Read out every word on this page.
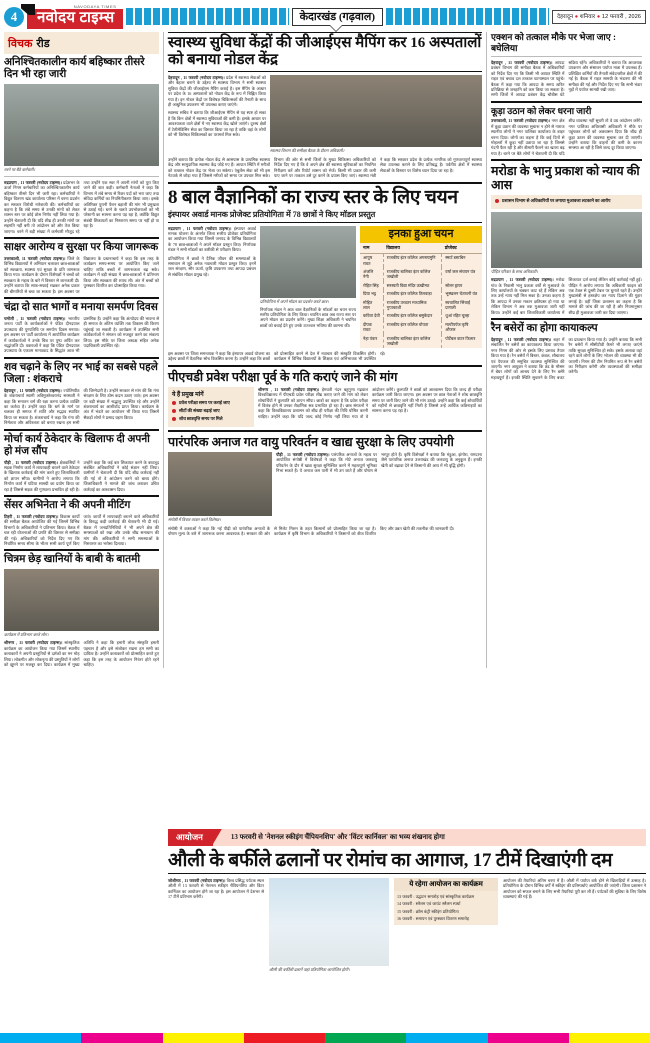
4
NAVODAYA TIMES
नवोदय टाइम्स	केदारखंड (गढ़वाल)	देहरादून ● शनिवार ● 12 फरवरी , 2026
विचक रीड
अनिश्चितकालीन कार्य बहिष्कार तीसरे दिन भी रहा जारी
धरने पर बैठे कर्मचारी।
रुद्रप्रयाग , 11 फरवरी (नवोदय टाइम्स)। प्रदेशभर के ऊर्जा निगम कर्मचारियों का अनिश्चितकालीन कार्य बहिष्कार तीसरे दिन भी जारी रहा। कर्मचारियों ने विद्युत वितरण खंड कार्यालय परिसर में धरना प्रदर्शन कर सरकार विरोधी नारेबाजी की। कर्मचारियों का कहना है कि लंबे समय से उनकी मांगों को लेकर शासन स्तर पर कोई ठोस निर्णय नहीं लिया गया है। उन्होंने चेतावनी दी कि यदि शीघ्र ही उनकी मांगों पर सहमति नहीं बनी तो आंदोलन को और तेज किया जाएगा। धरने में बड़ी संख्या में कर्मचारी मौजूद रहे तथा उन्होंने एक स्वर में अपनी मांगों को पूरा किए जाने की बात कही। कर्मचारी नेताओं ने कहा कि विभाग में लंबे समय से रिक्त पदों को भरा जाए तथा संविदा कर्मियों का नियमितीकरण किया जाए। इसके अतिरिक्त पुरानी पेंशन बहाली की मांग भी प्रमुखता से उठाई गई। धरने के चलते उपभोक्ताओं को भी परेशानी का सामना करना पड़ रहा है, क्योंकि विद्युत संबंधी शिकायतों का निस्तारण समय पर नहीं हो पा रहा है।
साक्षर आरोग्य व सुरक्षा पर किया जागरूक
उत्तरकाशी, 11 फरवरी (नवोदय टाइम्स)। जिले के विभिन्न विद्यालयों में अभियान चलाकर छात्र-छात्राओं को स्वच्छता, स्वास्थ्य एवं सुरक्षा के प्रति जागरूक किया गया। कार्यक्रम के दौरान विशेषज्ञों ने बच्चों को स्वच्छता के महत्व के बारे में विस्तार से जानकारी दी। उन्होंने बताया कि साफ-सफाई रखकर अनेक प्रकार की बीमारियों से बचा जा सकता है। इस अवसर पर विद्यालय के प्रधानाचार्य ने कहा कि इस तरह के कार्यक्रम समय-समय पर आयोजित किए जाने चाहिए ताकि बच्चों में जागरूकता बढ़ सके। कार्यक्रम में बड़ी संख्या में छात्र-छात्राओं ने प्रतिभाग किया और स्वच्छता की शपथ ली। अंत में बच्चों को पुरस्कार वितरित कर प्रोत्साहित किया गया।
चंद्रा दो सात भागों व मनाया समर्पण दिवस
चमोली , 11 फरवरी (नवोदय टाइम्स)। भारतीय जनता पार्टी के कार्यकर्ताओं ने पंडित दीनदयाल उपाध्याय की पुण्यतिथि पर समर्पण दिवस मनाया। इस अवसर पर पार्टी कार्यालय में आयोजित कार्यक्रम में कार्यकर्ताओं ने उनके चित्र पर पुष्प अर्पित कर श्रद्धांजलि दी। वक्ताओं ने कहा कि पंडित दीनदयाल उपाध्याय के एकात्म मानववाद के सिद्धांत आज भी प्रासंगिक हैं। उन्होंने कहा कि अंत्योदय की भावना से ही समाज के अंतिम व्यक्ति तक विकास की किरण पहुंचाई जा सकती है। कार्यक्रम में उपस्थित सभी कार्यकर्ताओं ने संगठन को मजबूत करने का संकल्प लिया। इस मौके पर जिला अध्यक्ष सहित अनेक पदाधिकारी उपस्थित रहे।
शव चढ़ाने के लिए नर भाई का सबसे पहले जिला : शंकराचे
देहरादून , 11 फरवरी (नवोदय टाइम्स)। ज्योतिष्पीठ के शंकराचार्य स्वामी अविमुक्तेश्वरानंद सरस्वती ने कहा कि सनातन धर्म की रक्षा करना प्रत्येक व्यक्ति का कर्तव्य है। उन्होंने कहा कि धर्म के मार्ग पर चलकर ही समाज में शांति और सद्भाव स्थापित किया जा सकता है। शंकराचार्य ने कहा कि गंगा की निर्मलता और अविरलता को बनाए रखना हम सभी की जिम्मेदारी है। उन्होंने सरकार से मांग की कि गंगा संरक्षण के लिए ठोस कदम उठाए जाएं। इस अवसर पर बड़ी संख्या में श्रद्धालु उपस्थित रहे और उन्होंने शंकराचार्य का आशीर्वाद प्राप्त किया। कार्यक्रम के अंत में भंडारे का आयोजन भी किया गया जिसमें सैकड़ों लोगों ने प्रसाद ग्रहण किया।
मोर्चा कार्य ठेकेदार के खिलाफ दी अपनी हो मंज सौंप
पौड़ी , 11 फरवरी (नवोदय टाइम्स)। क्षेत्रवासियों ने सड़क निर्माण कार्य में लापरवाही बरतने वाले ठेकेदार के खिलाफ कार्रवाई की मांग करते हुए जिलाधिकारी को ज्ञापन सौंपा। ग्रामीणों ने आरोप लगाया कि निर्माण कार्य में घटिया सामग्री का प्रयोग किया जा रहा है जिससे सड़क की गुणवत्ता प्रभावित हो रही है। उन्होंने कहा कि कई बार शिकायत करने के बावजूद संबंधित अधिकारियों ने कोई संज्ञान नहीं लिया। ग्रामीणों ने चेतावनी दी कि यदि शीघ्र कार्रवाई नहीं की गई तो वे आंदोलन करने को बाध्य होंगे। जिलाधिकारी ने मामले की जांच कराकर उचित कार्रवाई का आश्वासन दिया।
सेंसर अभिनेता ने की अपनी मीटिंग
टिहरी , 11 फरवरी (नवोदय टाइम्स)। विकास कार्यों की समीक्षा बैठक आयोजित की गई जिसमें विभिन्न विभागों के अधिकारियों ने प्रतिभाग किया। बैठक में चल रही योजनाओं की प्रगति की विस्तार से समीक्षा की गई। अधिकारियों को निर्देश दिए गए कि निर्धारित समय सीमा के भीतर सभी कार्य पूर्ण किए जाएं। कार्यों में लापरवाही बरतने वाले अधिकारियों के विरुद्ध कड़ी कार्रवाई की चेतावनी भी दी गई। बैठक में जनप्रतिनिधियों ने भी अपने क्षेत्र की समस्याओं को रखा और उनके शीघ्र समाधान की मांग की। अधिकारियों ने सभी समस्याओं के निस्तारण का भरोसा दिलाया।
चित्रम छेड़ खानियों के बाबी के बातमी
कार्यक्रम में प्रतिभाग करते लोग।
श्रीनगर , 11 फरवरी (नवोदय टाइम्स)। सांस्कृतिक कार्यक्रम का आयोजन किया गया जिसमें स्थानीय कलाकारों ने अपनी प्रस्तुतियों से दर्शकों का मन मोह लिया। लोकगीत और लोकनृत्य की प्रस्तुतियों ने लोगों को झूमने पर मजबूर कर दिया। कार्यक्रम में मुख्य अतिथि ने कहा कि हमारी लोक संस्कृति हमारी पहचान है और इसे संजोकर रखना हम सभी का दायित्व है। उन्होंने कलाकारों को प्रोत्साहित करते हुए कहा कि इस तरह के आयोजन निरंतर होते रहने चाहिए।
स्वास्थ्य सुविधा केंद्रों की जीआईएस मैपिंग कर 16 अस्पतालों को बनाया नोडल केंद्र
देहरादून , 11 फरवरी (नवोदय टाइम्स)। प्रदेश में स्वास्थ्य सेवाओं को और बेहतर बनाने के उद्देश्य से स्वास्थ्य विभाग ने सभी स्वास्थ्य सुविधा केंद्रों की जीआईएस मैपिंग कराई है। इस मैपिंग के आधार पर प्रदेश के 16 अस्पतालों को नोडल केंद्र के रूप में चिह्नित किया गया है। इन नोडल केंद्रों पर विशेषज्ञ चिकित्सकों की तैनाती के साथ ही आधुनिक उपकरण भी उपलब्ध कराए जाएंगे।
स्वास्थ्य सचिव ने बताया कि जीआईएस मैपिंग से यह स्पष्ट हो सका है कि किन क्षेत्रों में स्वास्थ्य सुविधाओं की कमी है। इसके आधार पर आवश्यकता वाले क्षेत्रों में नए स्वास्थ्य केंद्र खोले जाएंगे। दूरस्थ क्षेत्रों में टेलीमेडिसिन सेवा का विस्तार किया जा रहा है ताकि वहां के लोगों को भी विशेषज्ञ चिकित्सकों का परामर्श मिल सके।
स्वास्थ्य विभाग की समीक्षा बैठक के दौरान अधिकारी।
उन्होंने बताया कि प्रत्येक नोडल केंद्र से आसपास के प्राथमिक स्वास्थ्य केंद्र और सामुदायिक स्वास्थ्य केंद्र जोड़े गए हैं। आपात स्थिति में मरीजों को तत्काल नोडल केंद्र पर भेजा जा सकेगा। एंबुलेंस सेवा को भी इस नेटवर्क से जोड़ा गया है जिससे मरीजों को समय पर उपचार मिल सके। विभाग की ओर से सभी जिलों के मुख्य चिकित्सा अधिकारियों को निर्देश दिए गए हैं कि वे अपने क्षेत्र की स्वास्थ्य सुविधाओं का नियमित निरीक्षण करें और रिपोर्ट शासन को भेजें। किसी भी प्रकार की कमी पाए जाने पर तत्काल उसे दूर करने के प्रयास किए जाएं। स्वास्थ्य मंत्री ने कहा कि सरकार प्रदेश के प्रत्येक नागरिक को गुणवत्तापूर्ण स्वास्थ्य सेवा उपलब्ध कराने के लिए प्रतिबद्ध है। पर्वतीय क्षेत्रों में स्वास्थ्य सेवाओं के विस्तार पर विशेष ध्यान दिया जा रहा है।
8 बाल वैज्ञानिकों का राज्य स्तर के लिए चयन
इंस्पायर अवार्ड मानक प्रोजेक्ट प्रतियोगिता में 78 छात्रों ने किए मॉडल प्रस्तुत
रुद्रप्रयाग , 11 फरवरी (नवोदय टाइम्स)। इंस्पायर अवार्ड मानक योजना के अंतर्गत जिला स्तरीय प्रोजेक्ट प्रतियोगिता का आयोजन किया गया जिसमें जनपद के विभिन्न विद्यालयों के 78 छात्र-छात्राओं ने अपने मॉडल प्रस्तुत किए। निर्णायक मंडल ने सभी मॉडलों का बारीकी से परीक्षण किया।
प्रतियोगिता में छात्रों ने दैनिक जीवन की समस्याओं के समाधान से जुड़े अनेक नवाचारी मॉडल प्रस्तुत किए। इनमें जल संरक्षण, सौर ऊर्जा, कृषि उपकरण तथा आपदा प्रबंधन से संबंधित मॉडल प्रमुख रहे।
प्रतियोगिता में अपने मॉडल का प्रदर्शन करते छात्र।
निर्णायक मंडल ने आठ बाल वैज्ञानिकों के मॉडलों का चयन राज्य स्तरीय प्रतियोगिता के लिए किया। चयनित छात्र अब राज्य स्तर पर अपने मॉडल का प्रदर्शन करेंगे। मुख्य शिक्षा अधिकारी ने चयनित छात्रों को बधाई देते हुए उनके उज्ज्वल भविष्य की कामना की।
इनका हुआ चयन
नाम	विद्यालय	प्रोजेक्ट
आयुष रावत	राजकीय इंटर कॉलेज अगस्त्यमुनि	स्मार्ट डस्टबिन
अंजलि नेगी	राजकीय बालिका इंटर कॉलेज जखोली	वर्षा जल संचयन यंत्र
रोहित सिंह	सरस्वती विद्या मंदिर ऊखीमठ	सोलर ड्रायर
प्रिया भट्ट	राजकीय इंटर कॉलेज तिलवाड़ा	भूस्खलन चेतावनी यंत्र
मोहित लाल	राजकीय उच्चतर माध्यमिक गुप्तकाशी	स्वचालित सिंचाई प्रणाली
कविता देवी	राजकीय इंटर कॉलेज बसुकेदार	धुआं रहित चूल्हा
दीपक रावत	राजकीय इंटर कॉलेज चोपता	मल्टीपर्पज कृषि औजार
नेहा पंवार	राजकीय बालिका इंटर कॉलेज जखोली	पोर्टेबल वाटर फिल्टर
इस अवसर पर जिला समन्वयक ने कहा कि इंस्पायर अवार्ड योजना का उद्देश्य छात्रों में वैज्ञानिक सोच विकसित करना है। उन्होंने कहा कि छात्रों को प्रोत्साहित करने से देश में नवाचार की संस्कृति विकसित होगी। कार्यक्रम में विभिन्न विद्यालयों के शिक्षक एवं अभिभावक भी उपस्थित रहे।
पीएचडी प्रवेश परीक्षा पूर्व के गति कराएं जाने की मांग
ये हैं प्रमुख मांगें
प्रवेश परीक्षा समय पर कराई जाए
सीटों की संख्या बढ़ाई जाए
शोध छात्रवृत्ति समय पर मिले
श्रीनगर , 11 फरवरी (नवोदय टाइम्स)। हेमवती नंदन बहुगुणा गढ़वाल विश्वविद्यालय में पीएचडी प्रवेश परीक्षा शीघ्र कराए जाने की मांग को लेकर शोधार्थियों ने कुलपति को ज्ञापन सौंपा। छात्रों का कहना है कि प्रवेश परीक्षा में विलंब होने से उनका शैक्षणिक सत्र प्रभावित हो रहा है। छात्र संगठनों ने कहा कि विश्वविद्यालय प्रशासन को शीघ्र ही परीक्षा की तिथि घोषित करनी चाहिए। उन्होंने कहा कि यदि जल्द कोई निर्णय नहीं लिया गया तो वे आंदोलन करेंगे। कुलपति ने छात्रों को आश्वासन दिया कि जल्द ही परीक्षा कार्यक्रम जारी किया जाएगा। इस अवसर पर छात्र नेताओं ने शोध छात्रवृत्ति समय पर जारी किए जाने की भी मांग उठाई। उन्होंने कहा कि कई शोधार्थियों को महीनों से छात्रवृत्ति नहीं मिली है जिससे उन्हें आर्थिक कठिनाइयों का सामना करना पड़ रहा है।
पारंपरिक अनाज गत वायु परिवर्तन व खाद्य सुरक्षा के लिए उपयोगी
संगोष्ठी में विचार व्यक्त करते विशेषज्ञ।
पौड़ी , 11 फरवरी (नवोदय टाइम्स)। पारंपरिक अनाजों के महत्व पर आयोजित संगोष्ठी में विशेषज्ञों ने कहा कि मोटे अनाज जलवायु परिवर्तन के दौर में खाद्य सुरक्षा सुनिश्चित करने में महत्वपूर्ण भूमिका निभा सकते हैं। ये अनाज कम पानी में भी उग जाते हैं और पोषण से भरपूर होते हैं। कृषि विशेषज्ञों ने बताया कि मंडुआ, झंगोरा, रामदाना जैसे पारंपरिक अनाज उत्तराखंड की जलवायु के अनुकूल हैं। इनकी खेती को बढ़ावा देने से किसानों की आय में भी वृद्धि होगी।
संगोष्ठी में वक्ताओं ने कहा कि नई पीढ़ी को पारंपरिक अनाजों के पोषण मूल्य के बारे में जागरूक करना आवश्यक है। सरकार की ओर से मिलेट मिशन के तहत किसानों को प्रोत्साहित किया जा रहा है। कार्यक्रम में कृषि विभाग के अधिकारियों ने किसानों को बीज वितरित किए और उन्नत खेती की तकनीक की जानकारी दी।
एक्शन को तत्काल मौके पर भेजा जाए : बघेलिया
देहरादून , 11 फरवरी (नवोदय टाइम्स)। आपदा प्रबंधन विभाग की समीक्षा बैठक में अधिकारियों को निर्देश दिए गए कि किसी भी आपात स्थिति में राहत एवं बचाव दल तत्काल घटनास्थल पर पहुंचे। बैठक में कहा गया कि आपदा के समय त्वरित प्रतिक्रिया से जनहानि को कम किया जा सकता है। सभी जिलों में आपदा प्रबंधन केंद्र चौबीस घंटे सक्रिय रहेंगे। अधिकारियों ने बताया कि आवश्यक उपकरण और संसाधन पर्याप्त मात्रा में उपलब्ध हैं। प्रशिक्षित कर्मियों की तैनाती संवेदनशील क्षेत्रों में की गई है। बैठक में राहत सामग्री के भंडारण की भी समीक्षा की गई और निर्देश दिए गए कि सभी भंडार गृहों में पर्याप्त सामग्री रखी जाए।
कूड़ा उठान को लेकर धरना जारी
उत्तरकाशी, 11 फरवरी (नवोदय टाइम्स)। नगर क्षेत्र में कूड़ा उठान की व्यवस्था सुचारू न होने से नाराज स्थानीय लोगों ने नगर पालिका कार्यालय के बाहर धरना दिया। लोगों का कहना है कि कई दिनों से मोहल्लों में कूड़ा नहीं उठाया जा रहा है जिससे गंदगी फैल रही है और बीमारी फैलने का खतरा बढ़ गया है। धरने पर बैठे लोगों ने चेतावनी दी कि यदि शीघ्र व्यवस्था नहीं सुधरी तो वे उग्र आंदोलन करेंगे। नगर पालिका अधिशासी अधिकारी ने मौके पर पहुंचकर लोगों को आश्वासन दिया कि शीघ्र ही कूड़ा उठान की व्यवस्था सुचारू कर दी जाएगी। उन्होंने बताया कि वाहनों की कमी के कारण समस्या आ रही है जिसे जल्द दूर किया जाएगा।
मरोडा के भानु प्रकाश को न्याय की आस
प्रशासन विभाग से अधिकारियों पर लगाया मुआवजा लटकाने का आरोप
पीड़ित परिवार के साथ अधिकारी।
रुद्रप्रयाग , 11 फरवरी (नवोदय टाइम्स)। मरोडा गांव के निवासी भानु प्रकाश वर्षों से मुआवजे के लिए कार्यालयों के चक्कर काट रहे हैं लेकिन अब तक उन्हें न्याय नहीं मिल सका है। उनका कहना है कि आपदा में उनका मकान क्षतिग्रस्त हो गया था लेकिन विभाग ने अब तक मुआवजा जारी नहीं किया। उन्होंने कई बार जिलाधिकारी कार्यालय में शिकायत दर्ज कराई लेकिन कोई कार्रवाई नहीं हुई। पीड़ित ने आरोप लगाया कि अधिकारी फाइल को एक टेबल से दूसरी टेबल पर घुमाते रहते हैं। उन्होंने मुख्यमंत्री से हस्तक्षेप कर न्याय दिलाने की गुहार लगाई है। वहीं जिला प्रशासन का कहना है कि मामले की जांच की जा रही है और नियमानुसार शीघ्र ही मुआवजा जारी कर दिया जाएगा।
रैन बसेरों का होगा कायाकल्प
देहरादून , 11 फरवरी (नवोदय टाइम्स)। शहर में संचालित रैन बसेरों का कायाकल्प किया जाएगा। नगर निगम की ओर से इसके लिए प्रस्ताव तैयार किया गया है। रैन बसेरों में बिस्तर, कंबल, शौचालय एवं पेयजल की समुचित व्यवस्था सुनिश्चित की जाएगी। नगर आयुक्त ने बताया कि ठंड के मौसम में बेघर लोगों को आश्रय देने के लिए रैन बसेरे महत्वपूर्ण हैं। इनकी स्थिति सुधारने के लिए बजट का प्रावधान किया गया है। उन्होंने बताया कि सभी रैन बसेरों में सीसीटीवी कैमरे भी लगाए जाएंगे ताकि सुरक्षा सुनिश्चित हो सके। इसके अलावा वहां रहने वाले लोगों के लिए भोजन की व्यवस्था भी की जाएगी। निगम की टीम नियमित रूप से रैन बसेरों का निरीक्षण करेगी और व्यवस्थाओं की समीक्षा करेगी।
आयोजन	13 फरवरी से 'नेशनल स्कीइंग चैंपियनशिप' और 'विंटर कार्निवल' का भव्य शंखनाद होगा
औली के बर्फीले ढलानों पर रोमांच का आगाज, 17 टीमें दिखाएंगी दम
जोशीमठ , 11 फरवरी (नवोदय टाइम्स)। विश्व प्रसिद्ध पर्यटक स्थल औली में 13 फरवरी से नेशनल स्कीइंग चैंपियनशिप और विंटर कार्निवल का आयोजन होने जा रहा है। इस आयोजन में देशभर से 17 टीमें प्रतिभाग करेंगी।
औली की बर्फीली ढलानें जहां प्रतियोगिता आयोजित होगी।
ये रहेगा आयोजन का कार्यक्रम
13 फरवरी : उद्घाटन समारोह एवं सांस्कृतिक कार्यक्रम
14 फरवरी : स्लैलम एवं जायंट स्लैलम स्पर्धा
15 फरवरी : क्रॉस कंट्री स्कीइंग प्रतियोगिता
16 फरवरी : समापन एवं पुरस्कार वितरण समारोह
आयोजन की तैयारियां अंतिम चरण में हैं। औली में पर्याप्त बर्फ होने से खिलाड़ियों में उत्साह है। प्रतियोगिता के दौरान विभिन्न वर्गों में स्कीइंग की प्रतिस्पर्धाएं आयोजित की जाएंगी। जिला प्रशासन ने आयोजन को सफल बनाने के लिए सभी तैयारियां पूरी कर ली हैं। पर्यटकों की सुविधा के लिए विशेष व्यवस्थाएं की गई हैं।
